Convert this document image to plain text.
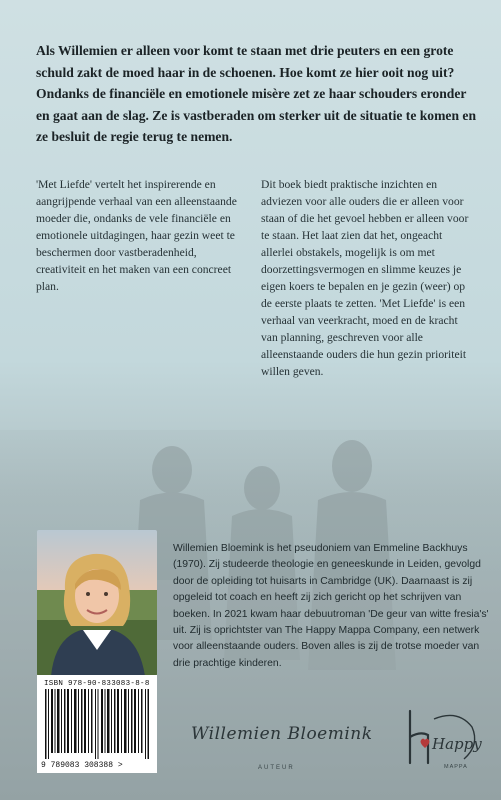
Als Willemien er alleen voor komt te staan met drie peuters en een grote schuld zakt de moed haar in de schoenen. Hoe komt ze hier ooit nog uit? Ondanks de financiële en emotionele misère zet ze haar schouders eronder en gaat aan de slag. Ze is vastberaden om sterker uit de situatie te komen en ze besluit de regie terug te nemen.
'Met Liefde' vertelt het inspirerende en aangrijpende verhaal van een alleenstaande moeder die, ondanks de vele financiële en emotionele uitdagingen, haar gezin weet te beschermen door vastberadenheid, creativiteit en het maken van een concreet plan.
Dit boek biedt praktische inzichten en adviezen voor alle ouders die er alleen voor staan of die het gevoel hebben er alleen voor te staan. Het laat zien dat het, ongeacht allerlei obstakels, mogelijk is om met doorzettingsvermogen en slimme keuzes je eigen koers te bepalen en je gezin (weer) op de eerste plaats te zetten. 'Met Liefde' is een verhaal van veerkracht, moed en de kracht van planning, geschreven voor alle alleenstaande ouders die hun gezin prioriteit willen geven.
Willemien Bloemink is het pseudoniem van Emmeline Backhuys (1970). Zij studeerde theologie en geneeskunde in Leiden, gevolgd door de opleiding tot huisarts in Cambridge (UK). Daarnaast is zij opgeleid tot coach en heeft zij zich gericht op het schrijven van boeken. In 2021 kwam haar debuutroman 'De geur van witte fresia's' uit. Zij is oprichtster van The Happy Mappa Company, een netwerk voor alleenstaande ouders. Boven alles is zij de trotse moeder van drie prachtige kinderen.
ISBN 978-90-833083-8-8
9 789083 308388 >
Willemien Bloemink
AUTEUR
Happy
MAPPA
